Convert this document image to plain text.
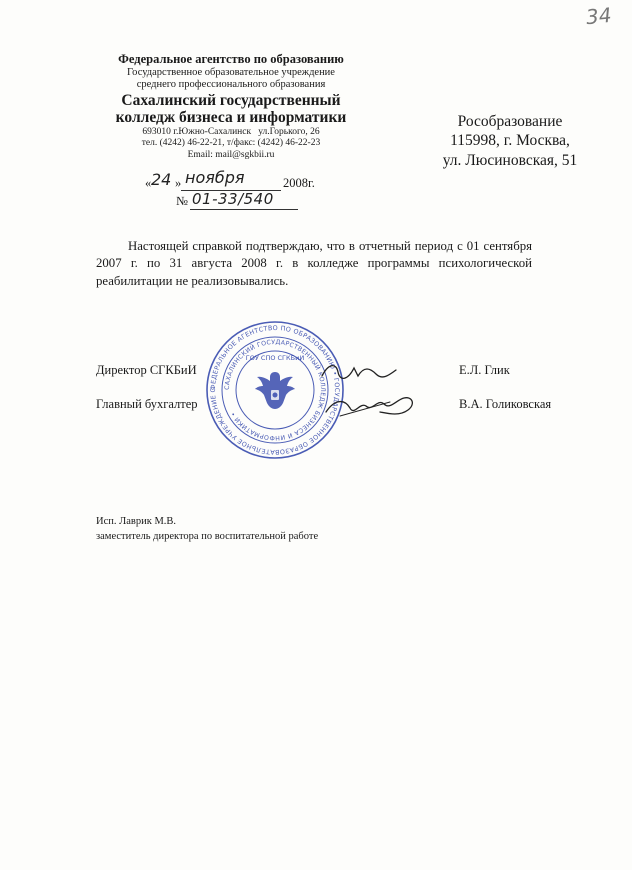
34
Федеральное агентство по образованию
Государственное образовательное учреждение
среднего профессионального образования
Сахалинский государственный
колледж бизнеса и информатики
693010 г.Южно-Сахалинск   ул.Горького, 26
тел. (4242) 46-22-21, т/факс: (4242) 46-22-23
Email: mail@sgkbii.ru
Рособразование
115998, г. Москва,
ул. Люсиновская, 51
« 24 » ноября	2008г.
№ 01-33/540
Настоящей справкой подтверждаю, что в отчетный период с 01 сентября 2007 г. по 31 августа 2008 г. в колледже программы психологической реабилитации не реализовывались.
ФЕДЕРАЛЬНОЕ АГЕНТСТВО ПО ОБРАЗОВАНИЮ • ГОСУДАРСТВЕННОЕ ОБРАЗОВАТЕЛЬНОЕ УЧРЕЖДЕНИЕ С	САХАЛИНСКИЙ ГОСУДАРСТВЕННЫЙ КОЛЛЕДЖ БИЗНЕСА И ИНФОРМАТИКИ •
ГОУ СПО СГКБиИ
Директор СГКБиИ	Е.Л. Глик
Главный бухгалтер	В.А. Голиковская
Исп. Лаврик М.В.
заместитель директора по воспитательной работе
